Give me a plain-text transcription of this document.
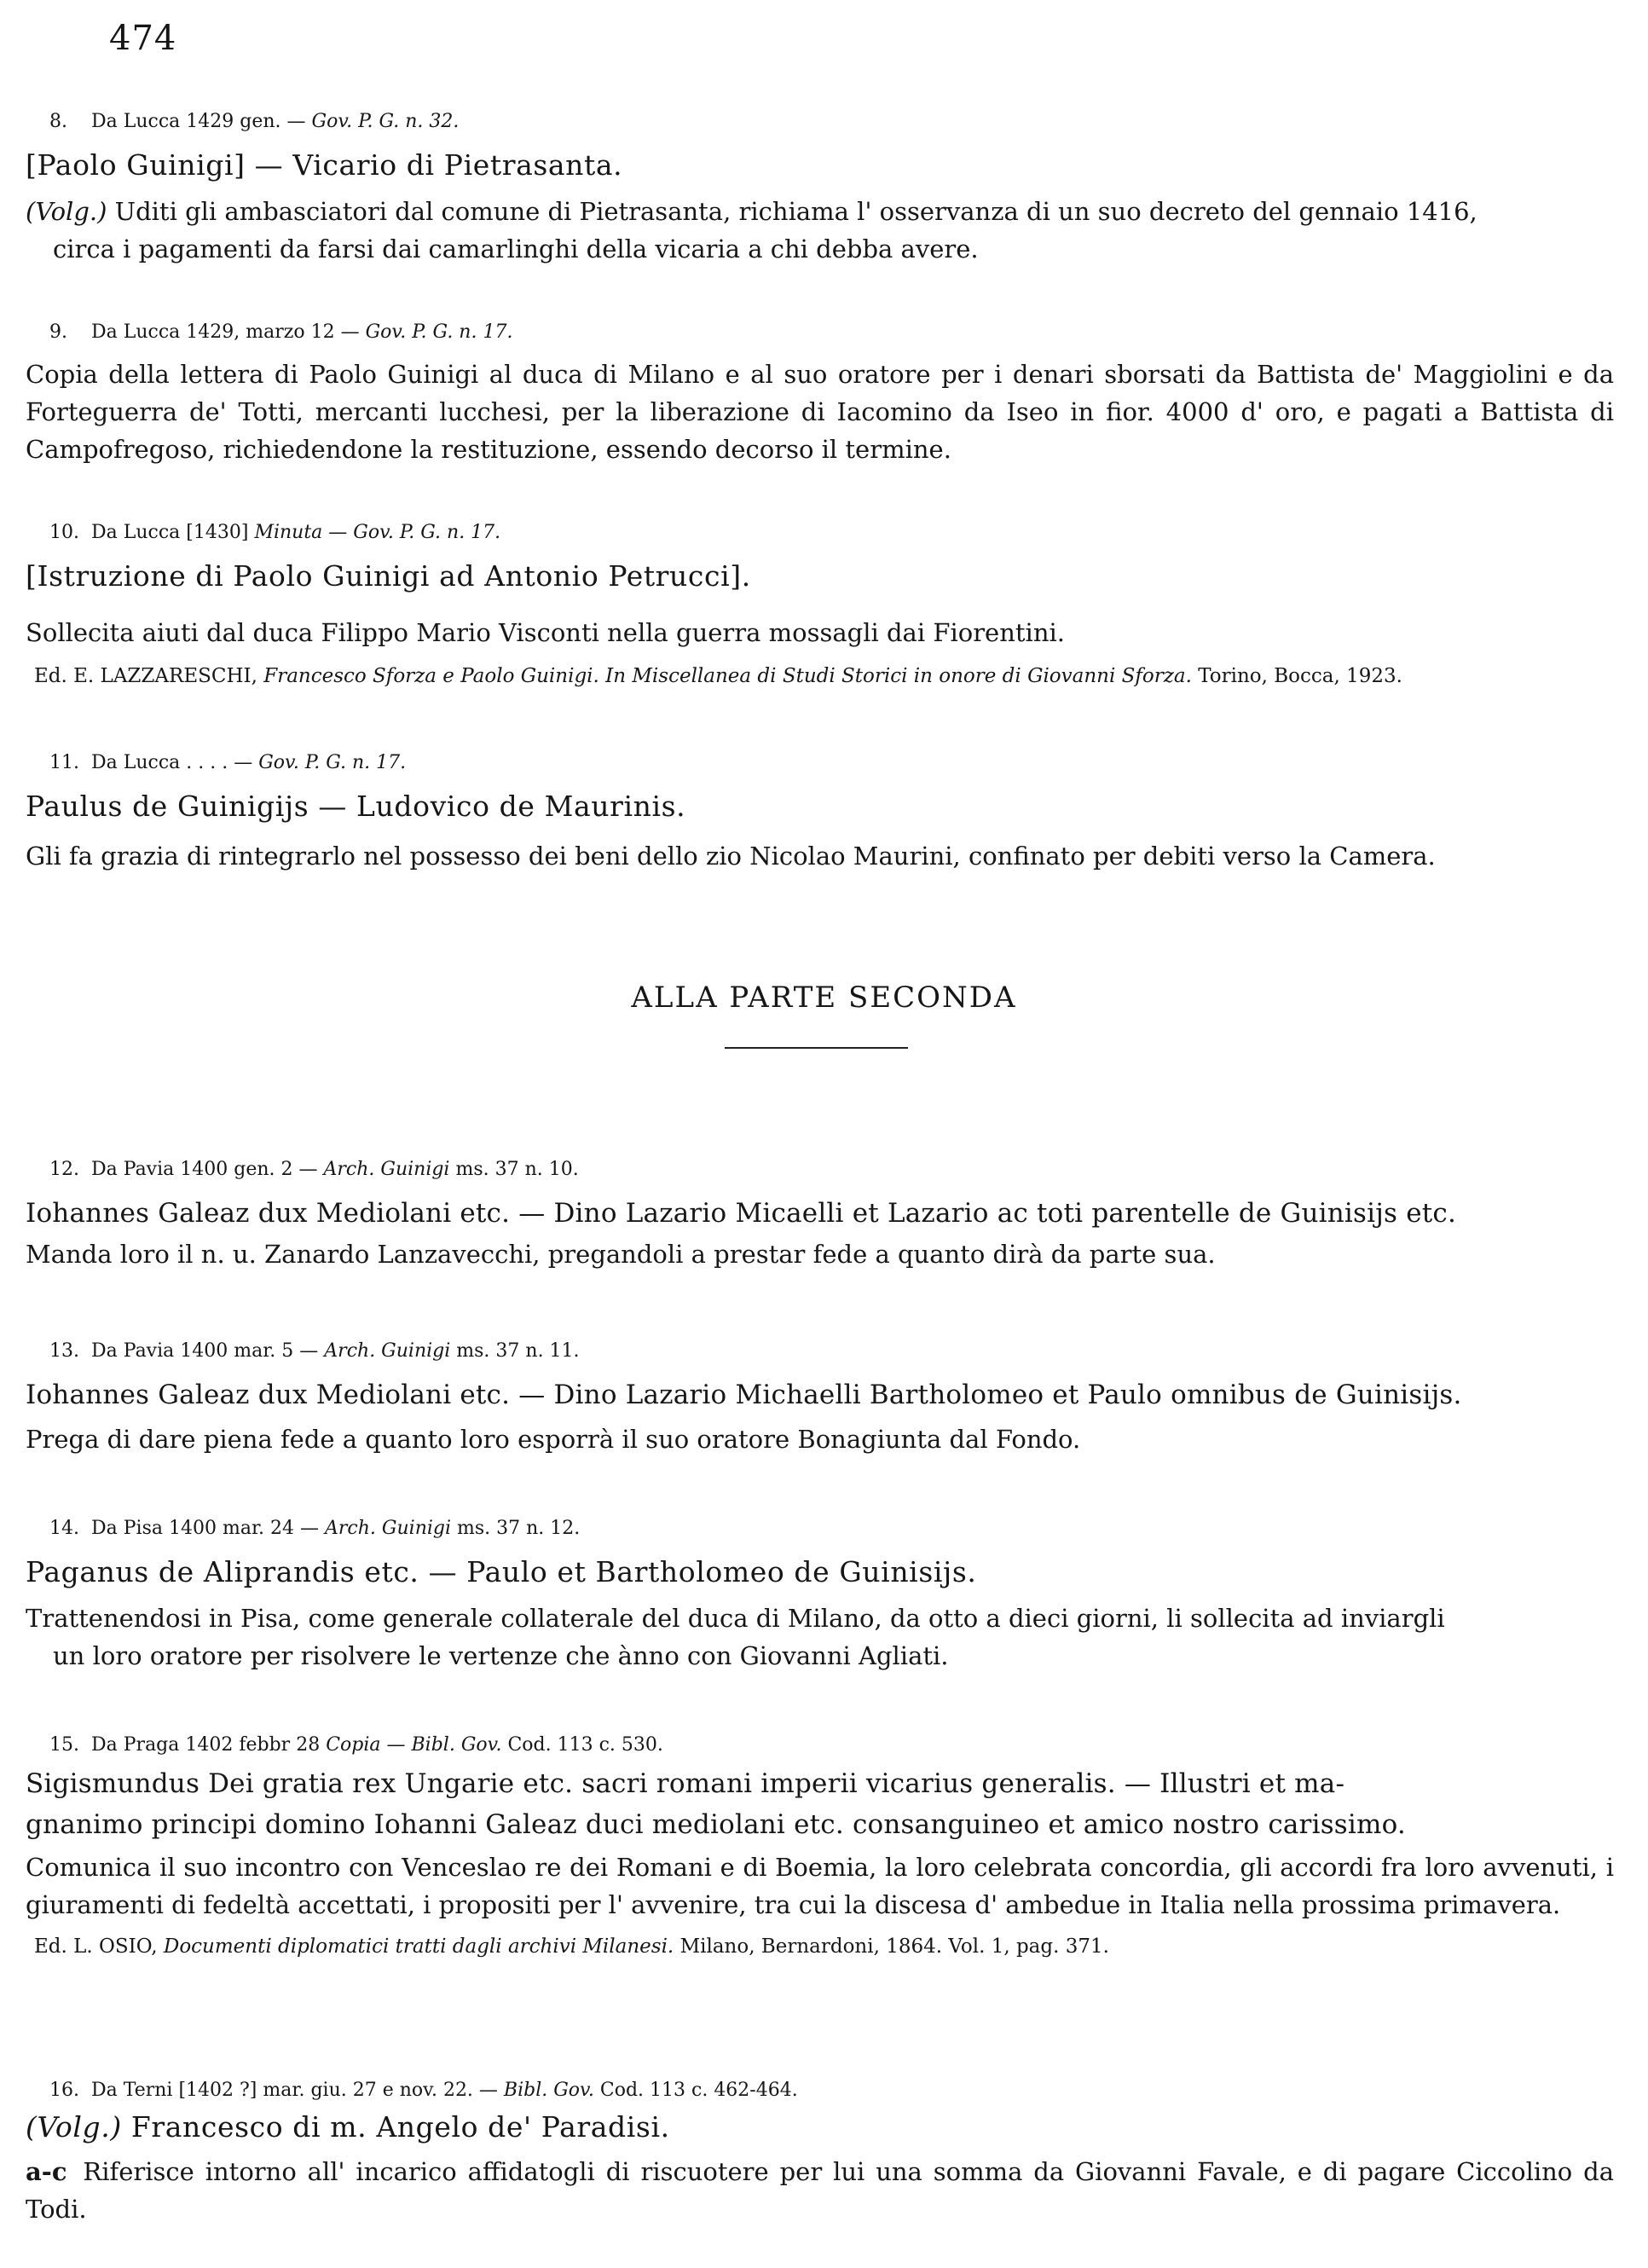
474
8. Da Lucca 1429 gen. — Gov. P. G. n. 32.
[Paolo Guinigi] — Vicario di Pietrasanta.
(Volg.) Uditi gli ambasciatori dal comune di Pietrasanta, richiama l' osservanza di un suo decreto del gennaio 1416,
circa i pagamenti da farsi dai camarlinghi della vicaria a chi debba avere.
9. Da Lucca 1429, marzo 12 — Gov. P. G. n. 17.
Copia della lettera di Paolo Guinigi al duca di Milano e al suo oratore per i denari sborsati da Battista de' Maggiolini e da Forteguerra de' Totti, mercanti lucchesi, per la liberazione di Iacomino da Iseo in fior. 4000 d' oro, e pagati a Battista di Campofregoso, richiedendone la restituzione, essendo decorso il termine.
10. Da Lucca [1430] Minuta — Gov. P. G. n. 17.
[Istruzione di Paolo Guinigi ad Antonio Petrucci].
Sollecita aiuti dal duca Filippo Mario Visconti nella guerra mossagli dai Fiorentini.
Ed. E. LAZZARESCHI, Francesco Sforza e Paolo Guinigi. In Miscellanea di Studi Storici in onore di Giovanni Sforza. Torino, Bocca, 1923.
11. Da Lucca . . . . — Gov. P. G. n. 17.
Paulus de Guinigijs — Ludovico de Maurinis.
Gli fa grazia di rintegrarlo nel possesso dei beni dello zio Nicolao Maurini, confinato per debiti verso la Camera.
ALLA PARTE SECONDA
12. Da Pavia 1400 gen. 2 — Arch. Guinigi ms. 37 n. 10.
Iohannes Galeaz dux Mediolani etc. — Dino Lazario Micaelli et Lazario ac toti parentelle de Guinisijs etc.
Manda loro il n. u. Zanardo Lanzavecchi, pregandoli a prestar fede a quanto dirà da parte sua.
13. Da Pavia 1400 mar. 5 — Arch. Guinigi ms. 37 n. 11.
Iohannes Galeaz dux Mediolani etc. — Dino Lazario Michaelli Bartholomeo et Paulo omnibus de Guinisijs.
Prega di dare piena fede a quanto loro esporrà il suo oratore Bonagiunta dal Fondo.
14. Da Pisa 1400 mar. 24 — Arch. Guinigi ms. 37 n. 12.
Paganus de Aliprandis etc. — Paulo et Bartholomeo de Guinisijs.
Trattenendosi in Pisa, come generale collaterale del duca di Milano, da otto a dieci giorni, li sollecita ad inviargli
un loro oratore per risolvere le vertenze che ànno con Giovanni Agliati.
15. Da Praga 1402 febbr 28 Copia — Bibl. Gov. Cod. 113 c. 530.
Sigismundus Dei gratia rex Ungarie etc. sacri romani imperii vicarius generalis. — Illustri et ma-
gnanimo principi domino Iohanni Galeaz duci mediolani etc. consanguineo et amico nostro carissimo.
Comunica il suo incontro con Venceslao re dei Romani e di Boemia, la loro celebrata concordia, gli accordi fra loro avvenuti, i giuramenti di fedeltà accettati, i propositi per l' avvenire, tra cui la discesa d' ambedue in Italia nella prossima primavera.
Ed. L. OSIO, Documenti diplomatici tratti dagli archivi Milanesi. Milano, Bernardoni, 1864. Vol. 1, pag. 371.
16. Da Terni [1402 ?] mar. giu. 27 e nov. 22. — Bibl. Gov. Cod. 113 c. 462-464.
(Volg.) Francesco di m. Angelo de' Paradisi.
a-c Riferisce intorno all' incarico affidatogli di riscuotere per lui una somma da Giovanni Favale, e di pagare Ciccolino da Todi.
